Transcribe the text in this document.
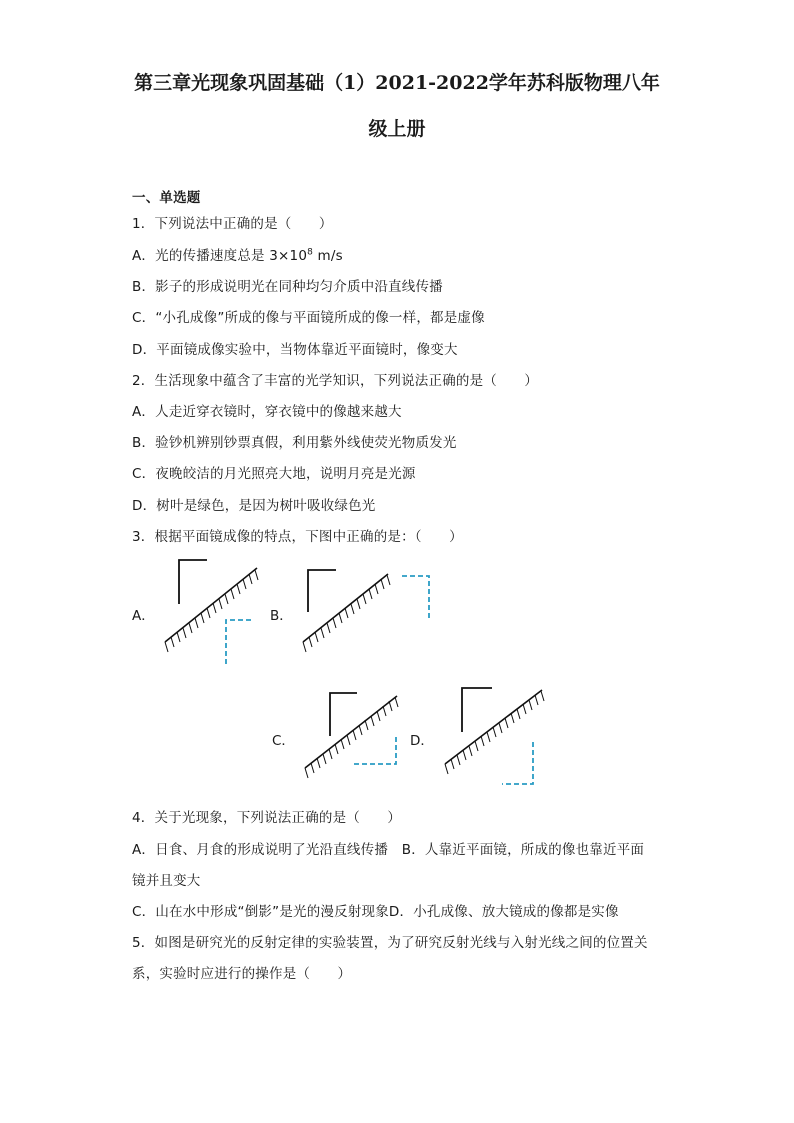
第三章光现象巩固基础（1）2021-2022学年苏科版物理八年
级上册
一、单选题
1．下列说法中正确的是（　　）
A．光的传播速度总是 $3\times 10^8$ m/s
B．影子的形成说明光在同种均匀介质中沿直线传播
C．“小孔成像”所成的像与平面镜所成的像一样，都是虚像
D．平面镜成像实验中，当物体靠近平面镜时，像变大
2．生活现象中蕴含了丰富的光学知识，下列说法正确的是（　　）
A．人走近穿衣镜时，穿衣镜中的像越来越大
B．验钞机辨别钞票真假，利用紫外线使荧光物质发光
C．夜晚皎洁的月光照亮大地，说明月亮是光源
D．树叶是绿色，是因为树叶吸收绿色光
3．根据平面镜成像的特点，下图中正确的是：（　　）
A．	B．
C．	D．
4．关于光现象，下列说法正确的是（　　）
A．日食、月食的形成说明了光沿直线传播　B．人靠近平面镜，所成的像也靠近平面
镜并且变大
C．山在水中形成“倒影”是光的漫反射现象D．小孔成像、放大镜成的像都是实像
5．如图是研究光的反射定律的实验装置，为了研究反射光线与入射光线之间的位置关
系，实验时应进行的操作是（　　）
